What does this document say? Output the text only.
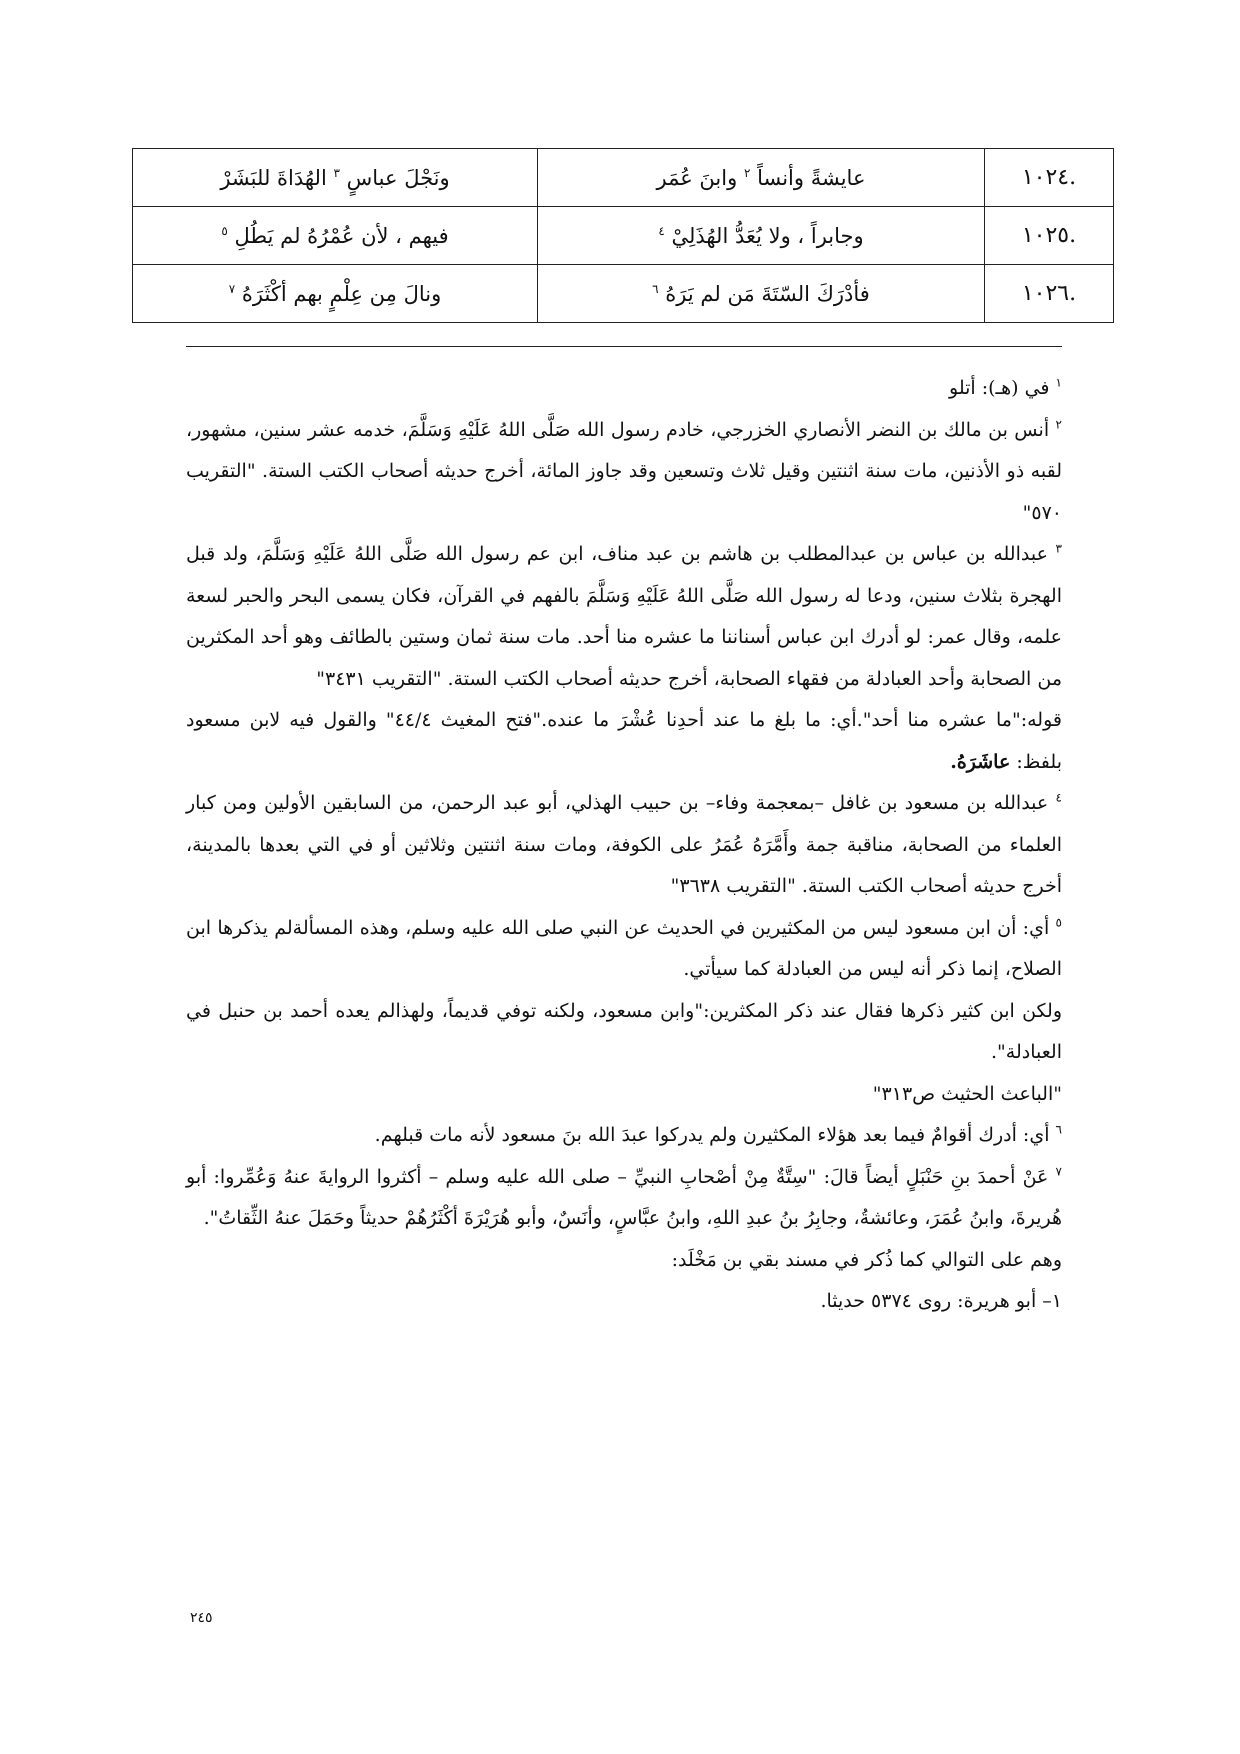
.١٠٢٤	عايشةً وأنساً $^٢$ وابنَ عُمَر	ونَجْلَ عباسٍ $^٣$ الهُدَاةَ للبَشَرْ
.١٠٢٥	وجابراً ، ولا يُعَدُّ الهُذَلِيْ $^٤$	فيهم ، لأن عُمْرُهُ لم يَطُلِ $^٥$
.١٠٢٦	فأدْرَكَ السّتَةَ مَن لم يَرَهُ $^٦$	ونالَ مِن عِلْمٍ بهم أكْثَرَهُ $^٧$

$^١$ في (هـ): أتلو

$^٢$ أنس بن مالك بن النضر الأنصاري الخزرجي، خادم رسول الله صَلَّى اللهُ عَلَيْهِ وَسَلَّمَ، خدمه عشر سنين، مشهور، لقبه ذو الأذنين، مات سنة اثنتين وقيل ثلاث وتسعين وقد جاوز المائة، أخرج حديثه أصحاب الكتب الستة. "التقريب ٥٧٠"

$^٣$ عبدالله بن عباس بن عبدالمطلب بن هاشم بن عبد مناف، ابن عم رسول الله صَلَّى اللهُ عَلَيْهِ وَسَلَّمَ، ولد قبل الهجرة بثلاث سنين، ودعا له رسول الله صَلَّى اللهُ عَلَيْهِ وَسَلَّمَ بالفهم في القرآن، فكان يسمى البحر والحبر لسعة علمه، وقال عمر: لو أدرك ابن عباس أسناننا ما عشره منا أحد. مات سنة ثمان وستين بالطائف وهو أحد المكثرين من الصحابة وأحد العبادلة من فقهاء الصحابة، أخرج حديثه أصحاب الكتب الستة. "التقريب ٣٤٣١"

قوله:"ما عشره منا أحد".أي: ما بلغ ما عند أحدِنا عُشْرَ ما عنده."فتح المغيث ٤٤/٤" والقول فيه لابن مسعود بلفظ: عاشَرَهُ.

$^٤$ عبدالله بن مسعود بن غافل –بمعجمة وفاء– بن حبيب الهذلي، أبو عبد الرحمن، من السابقين الأولين ومن كبار العلماء من الصحابة، مناقبة جمة وأَمَّرَهُ عُمَرُ على الكوفة، ومات سنة اثنتين وثلاثين أو في التي بعدها بالمدينة، أخرج حديثه أصحاب الكتب الستة. "التقريب ٣٦٣٨"

$^٥$ أي: أن ابن مسعود ليس من المكثيرين في الحديث عن النبي صلى الله عليه وسلم، وهذه المسألةلم يذكرها ابن الصلاح، إنما ذكر أنه ليس من العبادلة كما سيأتي.

ولكن ابن كثير ذكرها فقال عند ذكر المكثرين:"وابن مسعود، ولكنه توفي قديماً، ولهذالم يعده أحمد بن حنبل في العبادلة".

"الباعث الحثيث ص٣١٣"

$^٦$ أي: أدرك أقوامٌ فيما بعد هؤلاء المكثيرن ولم يدركوا عبدَ الله بنَ مسعود لأنه مات قبلهم.

$^٧$ عَنْ أحمدَ بنِ حَنْبَلٍ أيضاً قالَ: "سِتَّةٌ مِنْ أصْحابِ النبيِّ – صلى الله عليه وسلم – أكثروا الروايةَ عنهُ وَعُمِّروا: أبو هُريرةَ، وابنُ عُمَرَ، وعائشةُ، وجابِرُ بنُ عبدِ اللهِ، وابنُ عبَّاسٍ، وأنَسٌ، وأبو هُرَيْرَةَ أكْثَرُهُمْ حديثاً وحَمَلَ عنهُ الثِّقاتُ".

وهم على التوالي كما ذُكر في مسند بقي بن مَخْلَد:

١– أبو هريرة: روى ٥٣٧٤ حديثا.

٢٤٥
